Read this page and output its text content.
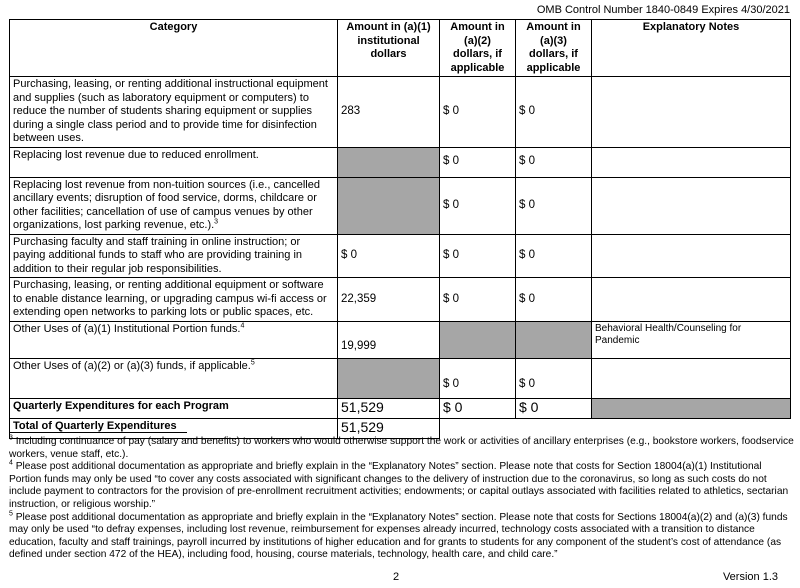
OMB Control Number 1840-0849 Expires 4/30/2021
Category	Amount in (a)(1) institutional dollars	Amount in (a)(2) dollars, if applicable	Amount in (a)(3) dollars, if applicable	Explanatory Notes
Purchasing, leasing, or renting additional instructional equipment and supplies (such as laboratory equipment or computers) to reduce the number of students sharing equipment or supplies during a single class period and to provide time for disinfection between uses.	283	$ 0	$ 0	
Replacing lost revenue due to reduced enrollment.		$ 0	$ 0	
Replacing lost revenue from non-tuition sources (i.e., cancelled ancillary events; disruption of food service, dorms, childcare or other facilities; cancellation of use of campus venues by other organizations, lost parking revenue, etc.).$^3$		$ 0	$ 0	
Purchasing faculty and staff training in online instruction; or paying additional funds to staff who are providing training in addition to their regular job responsibilities.	$ 0	$ 0	$ 0	
Purchasing, leasing, or renting additional equipment or software to enable distance learning, or upgrading campus wi-fi access or extending open networks to parking lots or public spaces, etc.	22,359	$ 0	$ 0	
Other Uses of (a)(1) Institutional Portion funds.$^4$	19,999			Behavioral Health/Counseling for Pandemic
Other Uses of (a)(2) or (a)(3) funds, if applicable.$^5$		$ 0	$ 0	
Quarterly Expenditures for each Program	51,529	$ 0	$ 0	
Total of Quarterly Expenditures	51,529			

$^3$ Including continuance of pay (salary and benefits) to workers who would otherwise support the work or activities of ancillary enterprises (e.g., bookstore workers, foodservice workers, venue staff, etc.).

$^4$ Please post additional documentation as appropriate and briefly explain in the “Explanatory Notes” section. Please note that costs for Section 18004(a)(1) Institutional Portion funds may only be used “to cover any costs associated with significant changes to the delivery of instruction due to the coronavirus, so long as such costs do not include payment to contractors for the provision of pre-enrollment recruitment activities; endowments; or capital outlays associated with facilities related to athletics, sectarian instruction, or religious worship.”

$^5$ Please post additional documentation as appropriate and briefly explain in the “Explanatory Notes” section. Please note that costs for Sections 18004(a)(2) and (a)(3) funds may only be used “to defray expenses, including lost revenue, reimbursement for expenses already incurred, technology costs associated with a transition to distance education, faculty and staff trainings, payroll incurred by institutions of higher education and for grants to students for any component of the student’s cost of attendance (as defined under section 472 of the HEA), including food, housing, course materials, technology, health care, and child care.”

2	Version 1.3
